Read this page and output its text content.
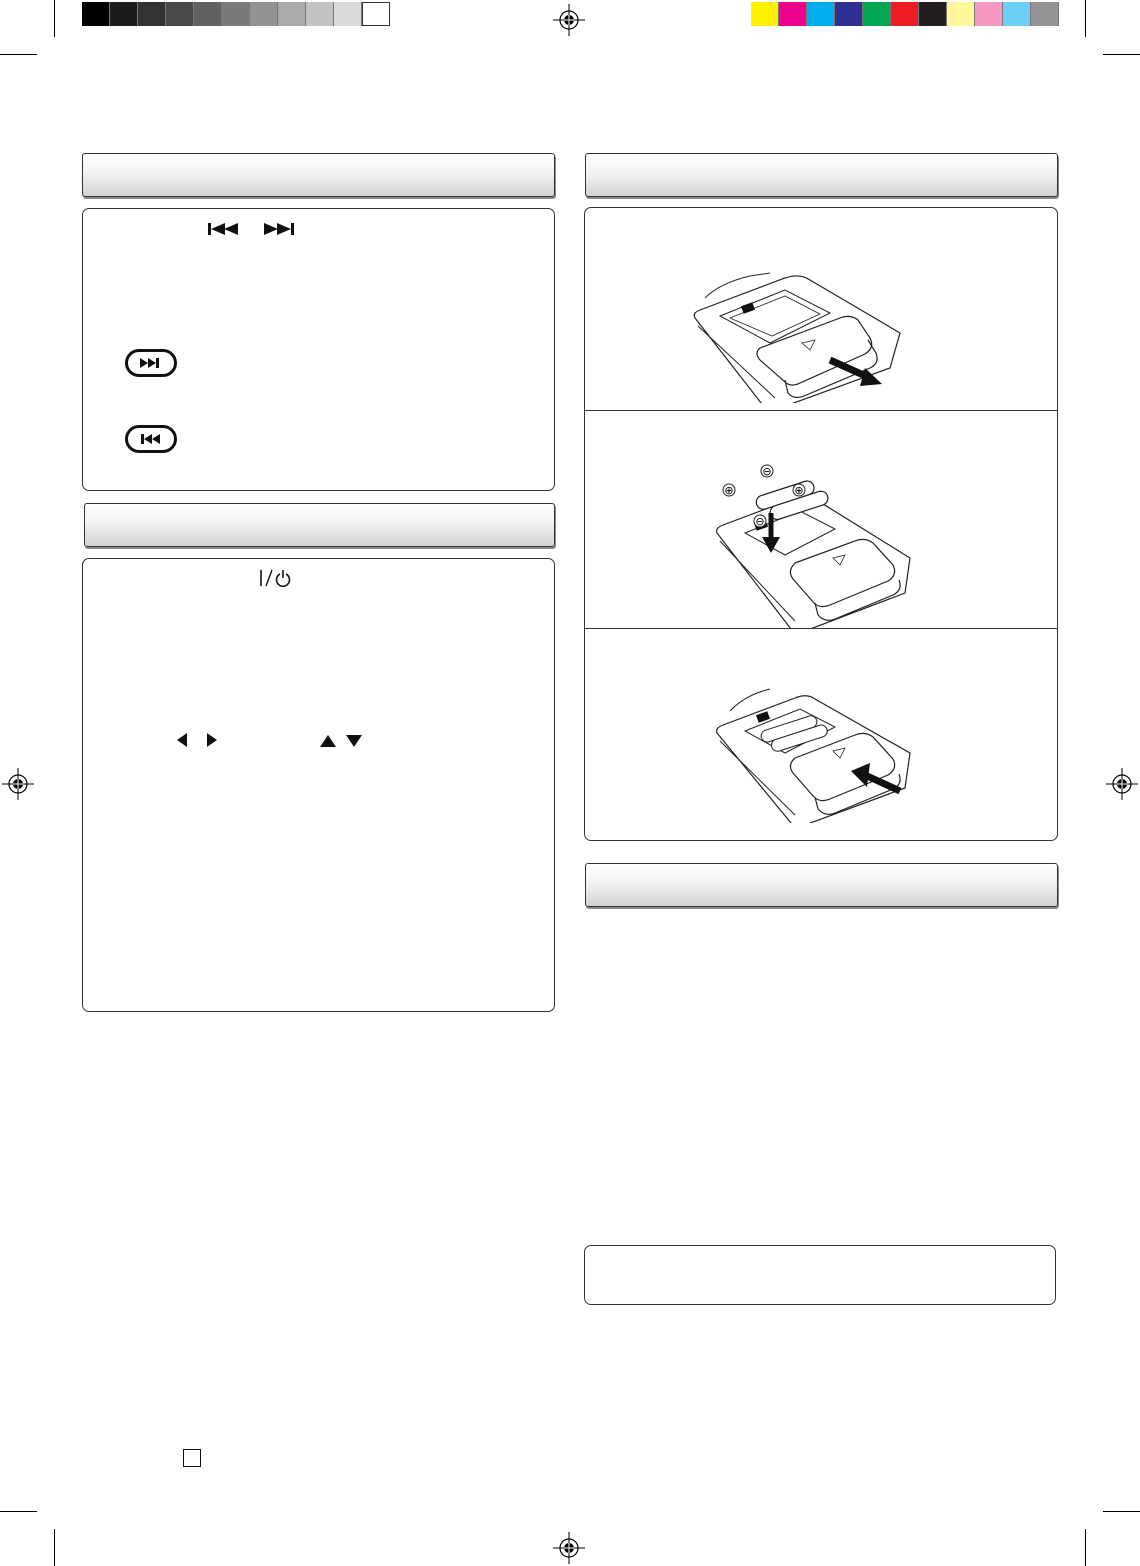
⊕	⊕
⊖
⊖
